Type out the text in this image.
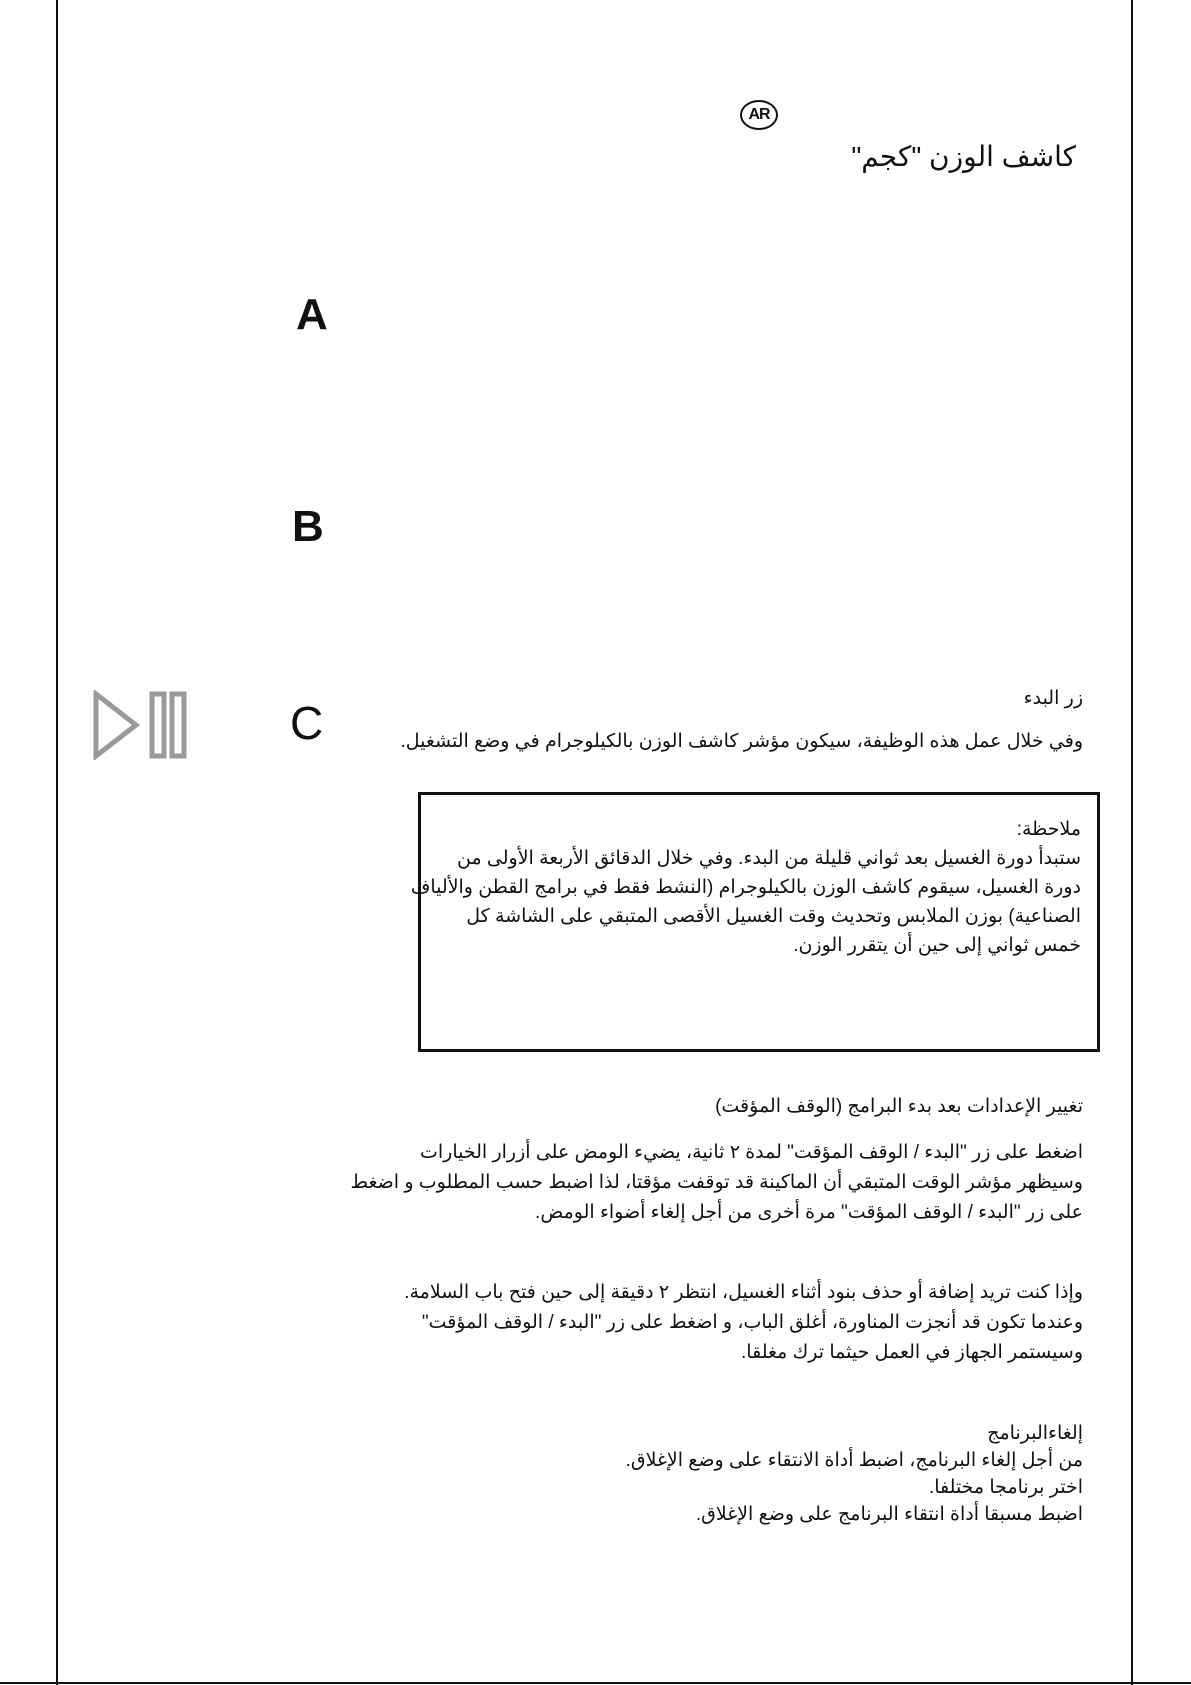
AR
كاشف الوزن "كجم"
A
B
C	زر البدء
وفي خلال عمل هذه الوظيفة، سيكون مؤشر كاشف الوزن بالكيلوجرام في وضع التشغيل.
ملاحظة:
ستبدأ دورة الغسيل بعد ثواني قليلة من البدء. وفي خلال الدقائق الأربعة الأولى من
دورة الغسيل، سيقوم كاشف الوزن بالكيلوجرام (النشط فقط في برامج القطن والألياف
الصناعية) بوزن الملابس وتحديث وقت الغسيل الأقصى المتبقي على الشاشة كل
خمس ثواني إلى حين أن يتقرر الوزن.
تغيير الإعدادات بعد بدء البرامج (الوقف المؤقت)
اضغط على زر "البدء / الوقف المؤقت" لمدة ٢ ثانية، يضيء الومض على أزرار الخيارات
وسيظهر مؤشر الوقت المتبقي أن الماكينة قد توقفت مؤقتا، لذا اضبط حسب المطلوب و اضغط
على زر "البدء / الوقف المؤقت" مرة أخرى من أجل إلغاء أضواء الومض.
وإذا كنت تريد إضافة أو حذف بنود أثناء الغسيل، انتظر ٢ دقيقة إلى حين فتح باب السلامة.
وعندما تكون قد أنجزت المناورة، أغلق الباب، و اضغط على زر "البدء / الوقف المؤقت"
وسيستمر الجهاز في العمل حيثما ترك مغلقا.
إلغاءالبرنامج
من أجل إلغاء البرنامج، اضبط أداة الانتقاء على وضع الإغلاق.
اختر برنامجا مختلفا.
اضبط مسبقا أداة انتقاء البرنامج على وضع الإغلاق.
